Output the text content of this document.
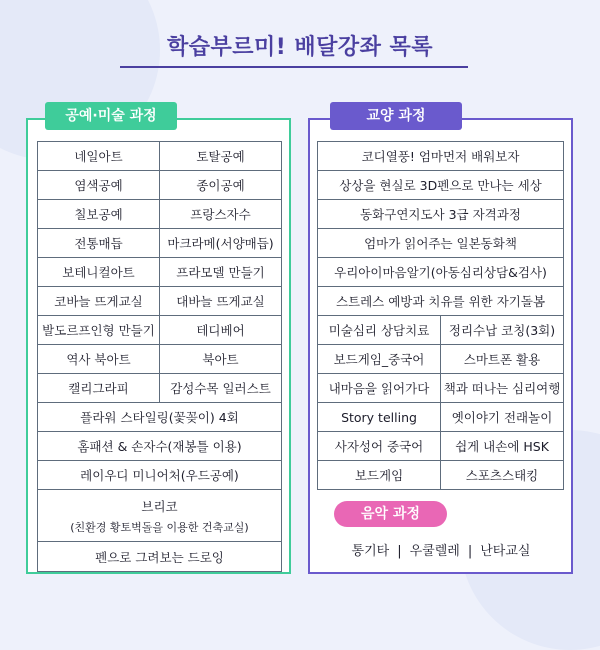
학습부르미! 배달강좌 목록
공예·미술 과정	교양 과정
네일아트	토탈공예
염색공예	종이공예
칠보공예	프랑스자수
전통매듭	마크라메(서양매듭)
보테니컬아트	프라모델 만들기
코바늘 뜨게교실	대바늘 뜨게교실
발도르프인형 만들기	테디베어
역사 북아트	북아트
캘리그라피	감성수목 일러스트
플라워 스타일링(꽃꽂이) 4회	
홈패션 & 손자수(재봉틀 이용)	
레이우디 미니어처(우드공예)	
브리코
(친환경 황토벽돌을 이용한 건축교실)	

펜으로 그려보는 드로잉	
코디열풍! 엄마먼저 배워보자	
상상을 현실로 3D펜으로 만나는 세상	
동화구연지도사 3급 자격과정	
엄마가 읽어주는 일본동화책	
우리아이마음알기(아동심리상담&검사)	
스트레스 예방과 치유를 위한 자기돌봄	
미술심리 상담치료	정리수납 코칭(3회)
보드게임_중국어	스마트폰 활용
내마음을 읽어가다	책과 떠나는 심리여행
Story telling	옛이야기 전래놀이
사자성어 중국어	쉽게 내손에 HSK
보드게임	스포츠스태킹
음악 과정
통기타 | 우쿨렐레 | 난타교실
